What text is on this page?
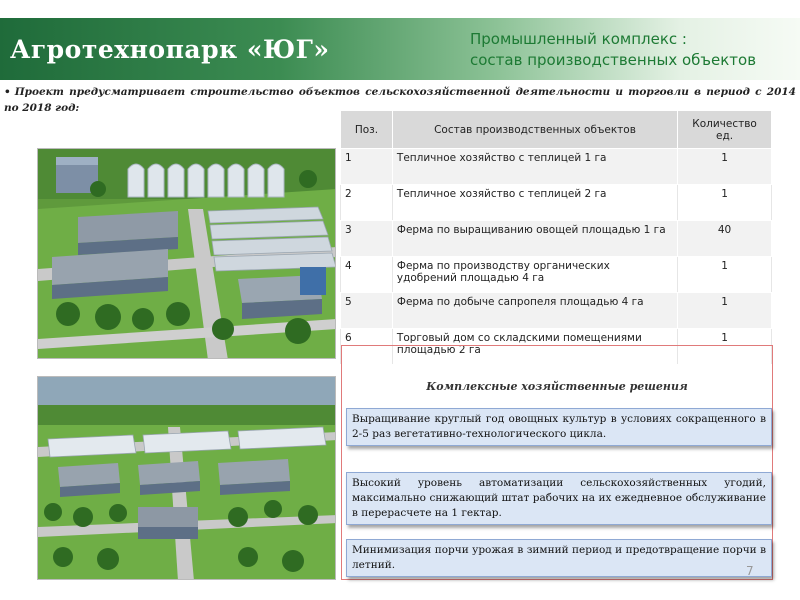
Агротехнопарк «ЮГ»	Промышленный комплекс :
состав производственных объектов
• Проект предусматривает строительство объектов сельскохозяйственной деятельности и торговли в период с 2014 по 2018 год:
Поз.	Состав производственных объектов	Количество ед.
1	Тепличное хозяйство с теплицей 1 га	1
2	Тепличное хозяйство с теплицей 2 га	1
3	Ферма по выращиванию овощей площадью 1 га	40
4	Ферма по производству органических удобрений площадью 4 га	1
5	Ферма по добыче сапропеля площадью 4 га	1
6	Торговый дом со складскими помещениями площадью 2 га	1
Комплексные хозяйственные решения
Выращивание круглый год овощных культур в условиях сокращенного в 2-5 раз вегетативно-технологического цикла.
Высокий уровень автоматизации сельскохозяйственных угодий, максимально снижающий штат рабочих на их ежедневное обслуживание в перерасчете на 1 гектар.
Минимизация порчи урожая в зимний период и предотвращение порчи в летний.	7
